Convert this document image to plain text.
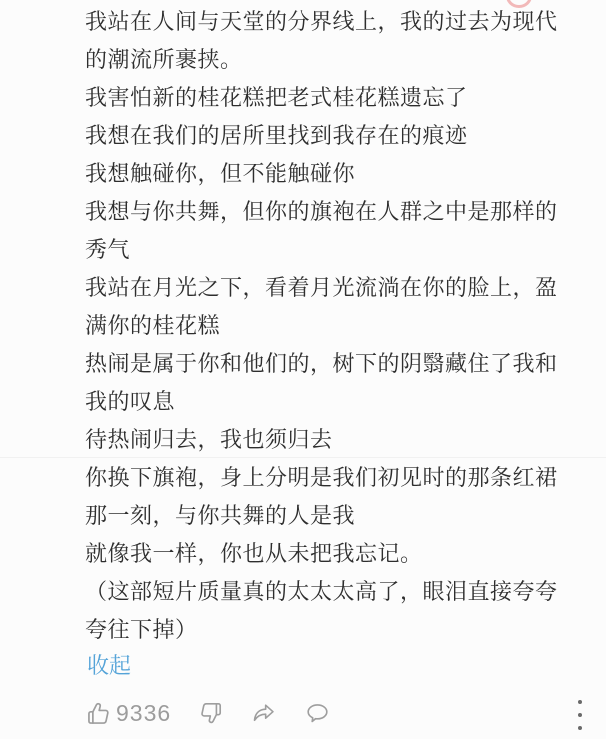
我站在人间与天堂的分界线上，我的过去为现代的潮流所裹挟。

我害怕新的桂花糕把老式桂花糕遗忘了

我想在我们的居所里找到我存在的痕迹

我想触碰你，但不能触碰你

我想与你共舞，但你的旗袍在人群之中是那样的秀气

我站在月光之下，看着月光流淌在你的脸上，盈满你的桂花糕

热闹是属于你和他们的，树下的阴翳藏住了我和我的叹息

待热闹归去，我也须归去

你换下旗袍，身上分明是我们初见时的那条红裙

那一刻，与你共舞的人是我

就像我一样，你也从未把我忘记。

（这部短片质量真的太太太高了，眼泪直接夸夸夸往下掉）

收起
9336
